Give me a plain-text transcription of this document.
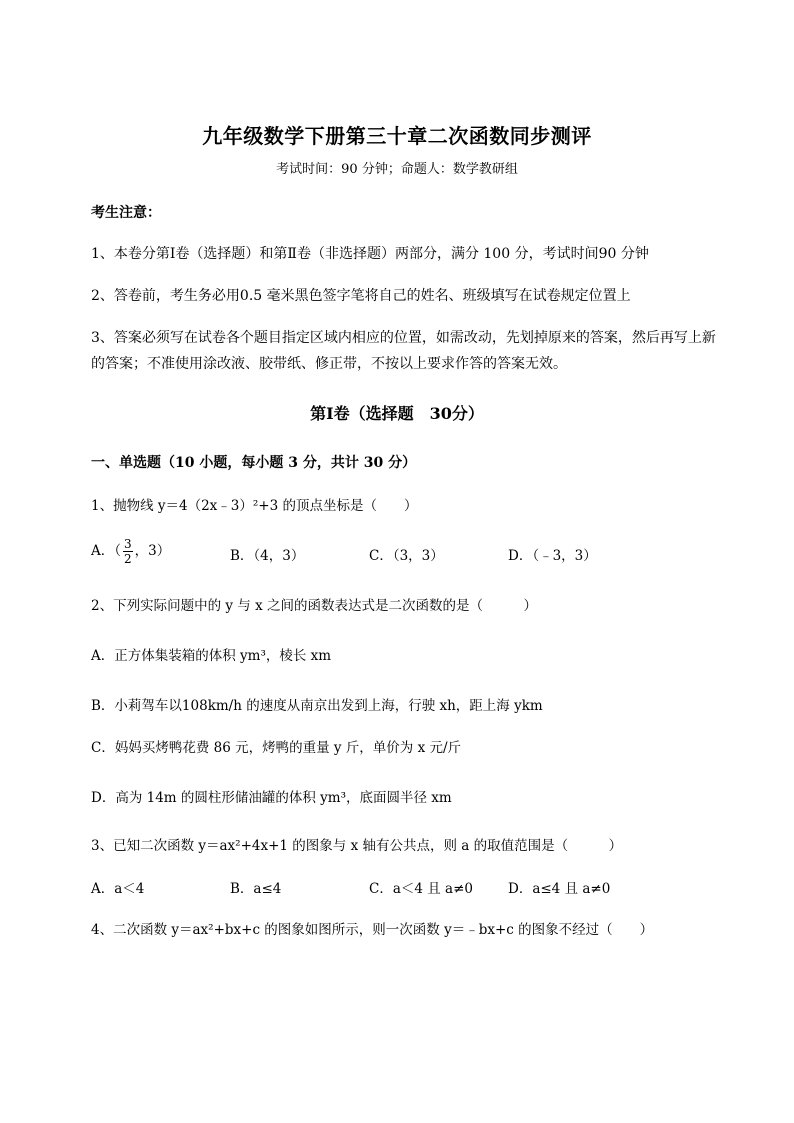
九年级数学下册第三十章二次函数同步测评
考试时间：90 分钟；命题人：数学教研组
考生注意：
1、本卷分第Ⅰ卷（选择题）和第Ⅱ卷（非选择题）两部分，满分 100 分，考试时间90 分钟
2、答卷前，考生务必用0.5 毫米黑色签字笔将自己的姓名、班级填写在试卷规定位置上
3、答案必须写在试卷各个题目指定区域内相应的位置，如需改动，先划掉原来的答案，然后再写上新
的答案；不准使用涂改液、胶带纸、修正带，不按以上要求作答的答案无效。
第Ⅰ卷（选择题　30分）
一、单选题（10 小题，每小题 3 分，共计 30 分）
1、抛物线 y＝4（2x﹣3）²+3 的顶点坐标是（　　）
A．（ $\frac{3}{2}$ ，3）	B．（4，3）	C．（3，3）	D．（﹣3，3）
2、下列实际问题中的 y 与 x 之间的函数表达式是二次函数的是（　　　）
A．正方体集装箱的体积 ym³，棱长 xm
B．小莉驾车以108km/h 的速度从南京出发到上海，行驶 xh，距上海 ykm
C．妈妈买烤鸭花费 86 元，烤鸭的重量 y 斤，单价为 x 元/斤
D．高为 14m 的圆柱形储油罐的体积 ym³，底面圆半径 xm
3、已知二次函数 y＝ax²+4x+1 的图象与 x 轴有公共点，则 a 的取值范围是（　　　）
A．a＜4	B．a≤4	C．a＜4 且 a≠0	D．a≤4 且 a≠0
4、二次函数 y＝ax²+bx+c 的图象如图所示，则一次函数 y＝﹣bx+c 的图象不经过（　　）
